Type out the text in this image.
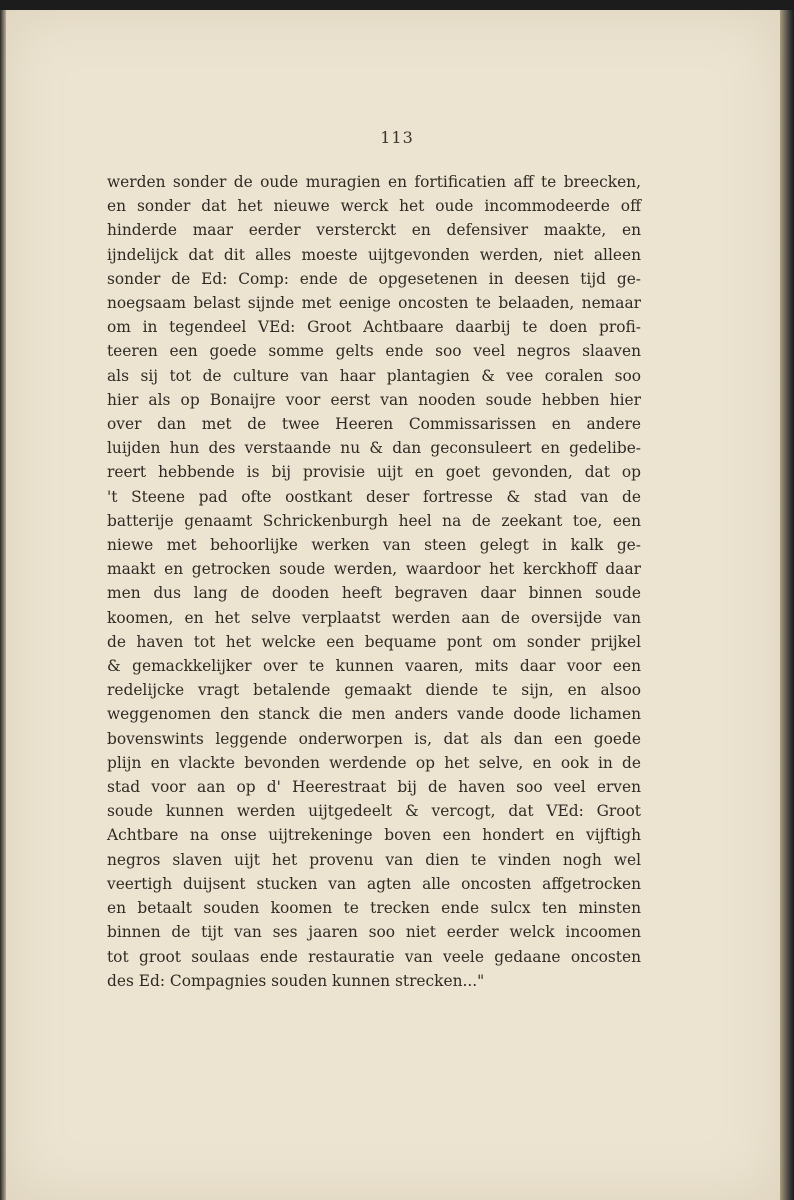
113
werden sonder de oude muragien en fortificatien aff te breecken,
en sonder dat het nieuwe werck het oude incommodeerde off
hinderde maar eerder versterckt en defensiver maakte, en
ijndelijck dat dit alles moeste uijtgevonden werden, niet alleen
sonder de Ed: Comp: ende de opgesetenen in deesen tijd ge-
noegsaam belast sijnde met eenige oncosten te belaaden, nemaar
om in tegendeel VEd: Groot Achtbaare daarbij te doen profi-
teeren een goede somme gelts ende soo veel negros slaaven
als sij tot de culture van haar plantagien & vee coralen soo
hier als op Bonaijre voor eerst van nooden soude hebben hier
over dan met de twee Heeren Commissarissen en andere
luijden hun des verstaande nu & dan geconsuleert en gedelibe-
reert hebbende is bij provisie uijt en goet gevonden, dat op
't Steene pad ofte oostkant deser fortresse & stad van de
batterije genaamt Schrickenburgh heel na de zeekant toe, een
niewe met behoorlijke werken van steen gelegt in kalk ge-
maakt en getrocken soude werden, waardoor het kerckhoff daar
men dus lang de dooden heeft begraven daar binnen soude
koomen, en het selve verplaatst werden aan de oversijde van
de haven tot het welcke een bequame pont om sonder prijkel
& gemackkelijker over te kunnen vaaren, mits daar voor een
redelijcke vragt betalende gemaakt diende te sijn, en alsoo
weggenomen den stanck die men anders vande doode lichamen
bovenswints leggende onderworpen is, dat als dan een goede
plijn en vlackte bevonden werdende op het selve, en ook in de
stad voor aan op d' Heerestraat bij de haven soo veel erven
soude kunnen werden uijtgedeelt & vercogt, dat VEd: Groot
Achtbare na onse uijtrekeninge boven een hondert en vijftigh
negros slaven uijt het provenu van dien te vinden nogh wel
veertigh duijsent stucken van agten alle oncosten affgetrocken
en betaalt souden koomen te trecken ende sulcx ten minsten
binnen de tijt van ses jaaren soo niet eerder welck incoomen
tot groot soulaas ende restauratie van veele gedaane oncosten
des Ed: Compagnies souden kunnen strecken..."
